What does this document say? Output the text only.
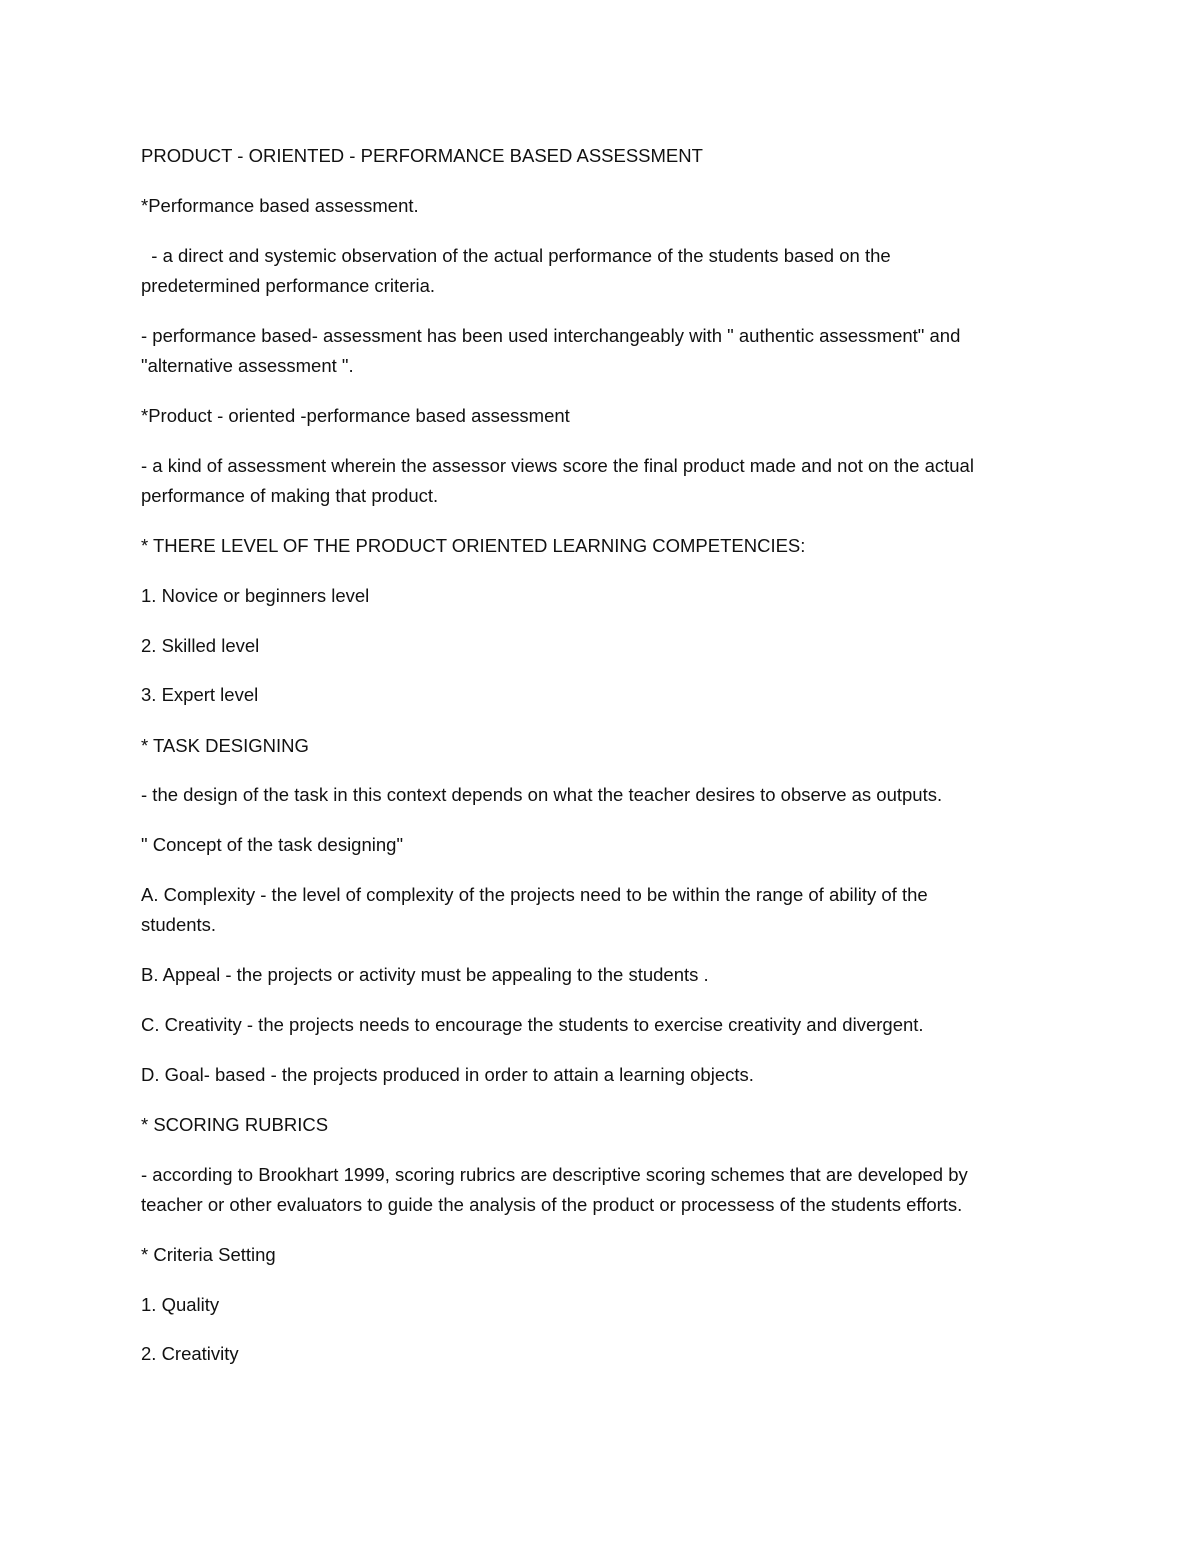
PRODUCT - ORIENTED - PERFORMANCE BASED ASSESSMENT

*Performance based assessment.

- a direct and systemic observation of the actual performance of the students based on the

predetermined performance criteria.

- performance based- assessment has been used interchangeably with " authentic assessment" and

"alternative assessment ".

*Product - oriented -performance based assessment

- a kind of assessment wherein the assessor views score the final product made and not on the actual

performance of making that product.

* THERE LEVEL OF THE PRODUCT ORIENTED LEARNING COMPETENCIES:

1. Novice or beginners level

2. Skilled level

3. Expert level

* TASK DESIGNING

- the design of the task in this context depends on what the teacher desires to observe as outputs.

" Concept of the task designing"

A. Complexity - the level of complexity of the projects need to be within the range of ability of the

students.

B. Appeal - the projects or activity must be appealing to the students .

C. Creativity - the projects needs to encourage the students to exercise creativity and divergent.

D. Goal- based - the projects produced in order to attain a learning objects.

* SCORING RUBRICS

- according to Brookhart 1999, scoring rubrics are descriptive scoring schemes that are developed by

teacher or other evaluators to guide the analysis of the product or processess of the students efforts.

* Criteria Setting

1. Quality

2. Creativity
